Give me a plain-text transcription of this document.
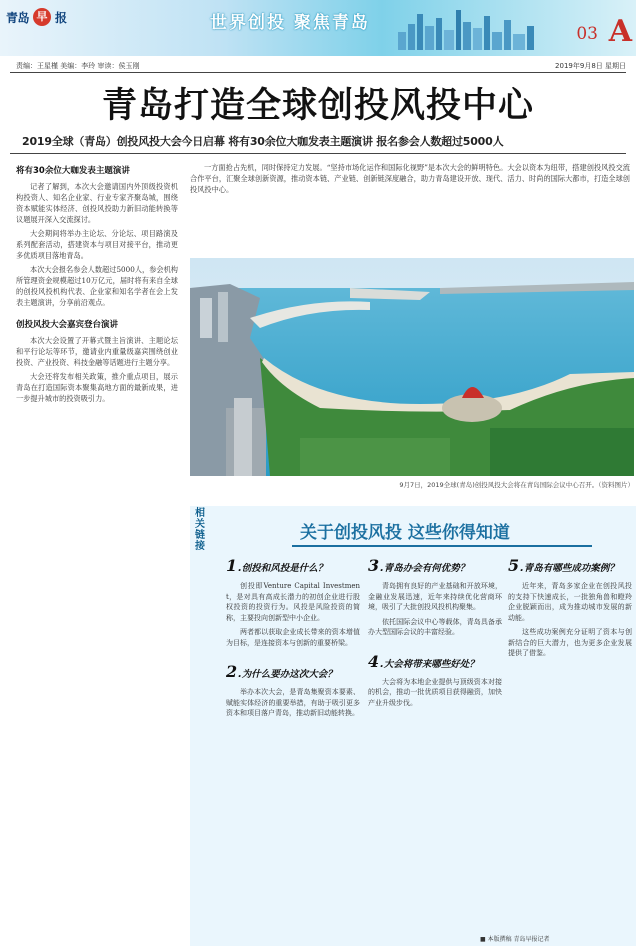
青岛 早 报	世界创投 聚焦青岛
03 A
责编：王星槿 美编：李玲 审读：侯玉刚	2019年9月8日 星期日
青岛打造全球创投风投中心
2019全球（青岛）创投风投大会今日启幕 将有30余位大咖发表主题演讲 报名参会人数超过5000人
将有30余位大咖发表主题演讲

记者了解到，本次大会邀请国内外顶级投资机构投资人、知名企业家、行业专家齐聚岛城，围绕资本赋能实体经济、创投风投助力新旧动能转换等议题展开深入交流探讨。

大会期间将举办主论坛、分论坛、项目路演及系列配套活动，搭建资本与项目对接平台，推动更多优质项目落地青岛。

本次大会报名参会人数超过5000人，参会机构所管理资金规模超过10万亿元，届时将有来自全球的创投风投机构代表、企业家和知名学者在会上发表主题演讲，分享前沿观点。

创投风投大会嘉宾登台演讲

本次大会设置了开幕式暨主旨演讲、主题论坛和平行论坛等环节，邀请业内重量级嘉宾围绕创业投资、产业投资、科技金融等话题进行主题分享。

大会还将发布相关政策，推介重点项目，展示青岛在打造国际资本聚集高地方面的最新成果，进一步提升城市的投资吸引力。

一方面抢占先机，同时保持定力发展。“坚持市场化运作和国际化视野”是本次大会的鲜明特色。大会以资本为纽带，搭建创投风投交流合作平台，汇聚全球创新资源，推动资本链、产业链、创新链深度融合，助力青岛建设开放、现代、活力、时尚的国际大都市，打造全球创投风投中心。

9月7日，2019全球(青岛)创投风投大会将在青岛国际会议中心召开。（资料图片）
相关链接
关于创投风投 这些你得知道
1.创投和风投是什么？

创投即Venture Capital Investment，是对具有高成长潜力的初创企业进行股权投资的投资行为。风投是风险投资的简称，主要投向创新型中小企业。

两者都以获取企业成长带来的资本增值为目标，是连接资本与创新的重要桥梁。

2.为什么要办这次大会？

举办本次大会，是青岛集聚资本要素、赋能实体经济的重要举措，有助于吸引更多资本和项目落户青岛，推动新旧动能转换。

3.青岛办会有何优势？

青岛拥有良好的产业基础和开放环境，金融业发展迅速，近年来持续优化营商环境，吸引了大批创投风投机构聚集。

依托国际会议中心等载体，青岛具备承办大型国际会议的丰富经验。

4.大会将带来哪些好处？

大会将为本地企业提供与顶级资本对接的机会，推动一批优质项目获得融资，加快产业升级步伐。

5.青岛有哪些成功案例？

近年来，青岛多家企业在创投风投的支持下快速成长，一批独角兽和瞪羚企业脱颖而出，成为推动城市发展的新动能。

这些成功案例充分证明了资本与创新结合的巨大潜力，也为更多企业发展提供了借鉴。

■ 本版撰稿 青岛早报记者
